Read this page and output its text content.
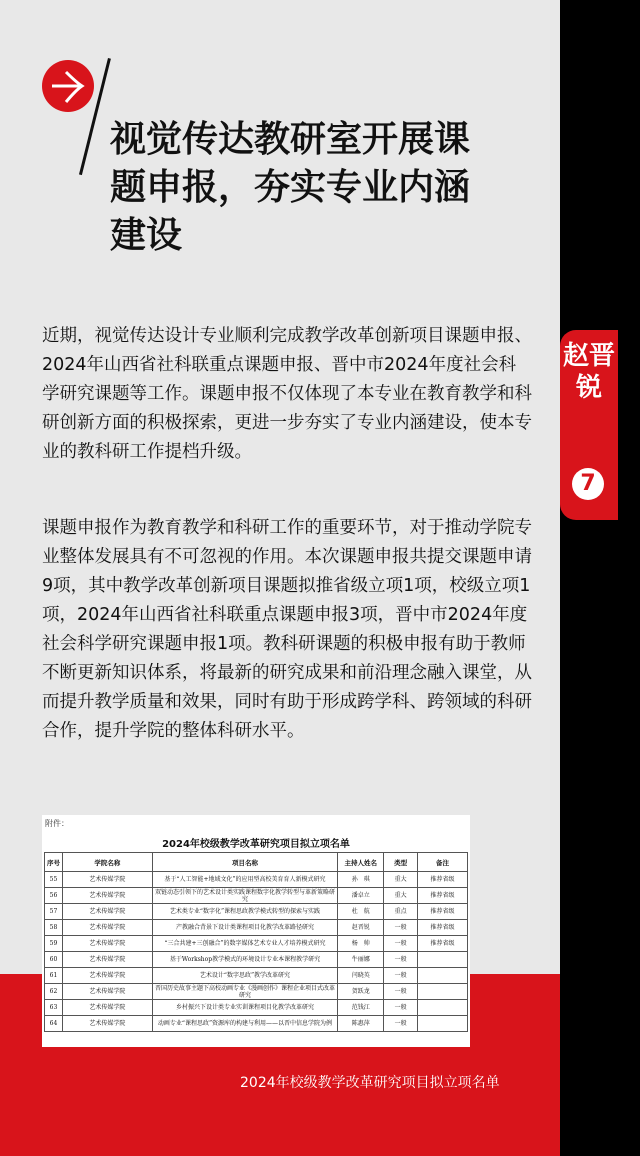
赵晋锐
7
视觉传达教研室开展课题申报，夯实专业内涵建设

近期，视觉传达设计专业顺利完成教学改革创新项目课题申报、2024年山西省社科联重点课题申报、晋中市2024年度社会科学研究课题等工作。课题申报不仅体现了本专业在教育教学和科研创新方面的积极探索，更进一步夯实了专业内涵建设，使本专业的教科研工作提档升级。

课题申报作为教育教学和科研工作的重要环节，对于推动学院专业整体发展具有不可忽视的作用。本次课题申报共提交课题申请9项，其中教学改革创新项目课题拟推省级立项1项，校级立项1项，2024年山西省社科联重点课题申报3项，晋中市2024年度社会科学研究课题申报1项。教科研课题的积极申报有助于教师不断更新知识体系，将最新的研究成果和前沿理念融入课堂，从而提升教学质量和效果，同时有助于形成跨学科、跨领域的科研合作，提升学院的整体科研水平。

附件：
2024年校级教学改革研究项目拟立项名单
序号	学院名称	项目名称	主持人姓名	类型	备注
55	艺术传媒学院	基于“人工智能+地域文化”的应用型高校美育育人新模式研究	孙　琪	重大	推荐省级
56	艺术传媒学院	双链动态引领下的艺术设计类实践课程数字化教学转型与革新策略研究	潘卓立	重大	推荐省级
57	艺术传媒学院	艺术类专业“数字化”课程思政教学模式转型的探索与实践	杜　航	重点	推荐省级
58	艺术传媒学院	产教融合背景下设计类课程项目化教学改革路径研究	赵晋锐	一般	推荐省级
59	艺术传媒学院	“三合共建+三创融合”的数字媒体艺术专业人才培养模式研究	杨　帅	一般	推荐省级
60	艺术传媒学院	基于Workshop教学模式的环境设计专业本课程教学研究	牛丽娜	一般	
61	艺术传媒学院	艺术设计“数字思政”教学改革研究	闫晓英	一般	
62	艺术传媒学院	晋国历史故事主题下高校动画专业《漫画创作》课程企业项目式改革研究	贺跃龙	一般	
63	艺术传媒学院	乡村振兴下设计类专业实训课程项目化教学改革研究	范钱江	一般	
64	艺术传媒学院	动画专业“课程思政”资源库的构建与利用——以晋中信息学院为例	陈惠萍	一般	
2024年校级教学改革研究项目拟立项名单
